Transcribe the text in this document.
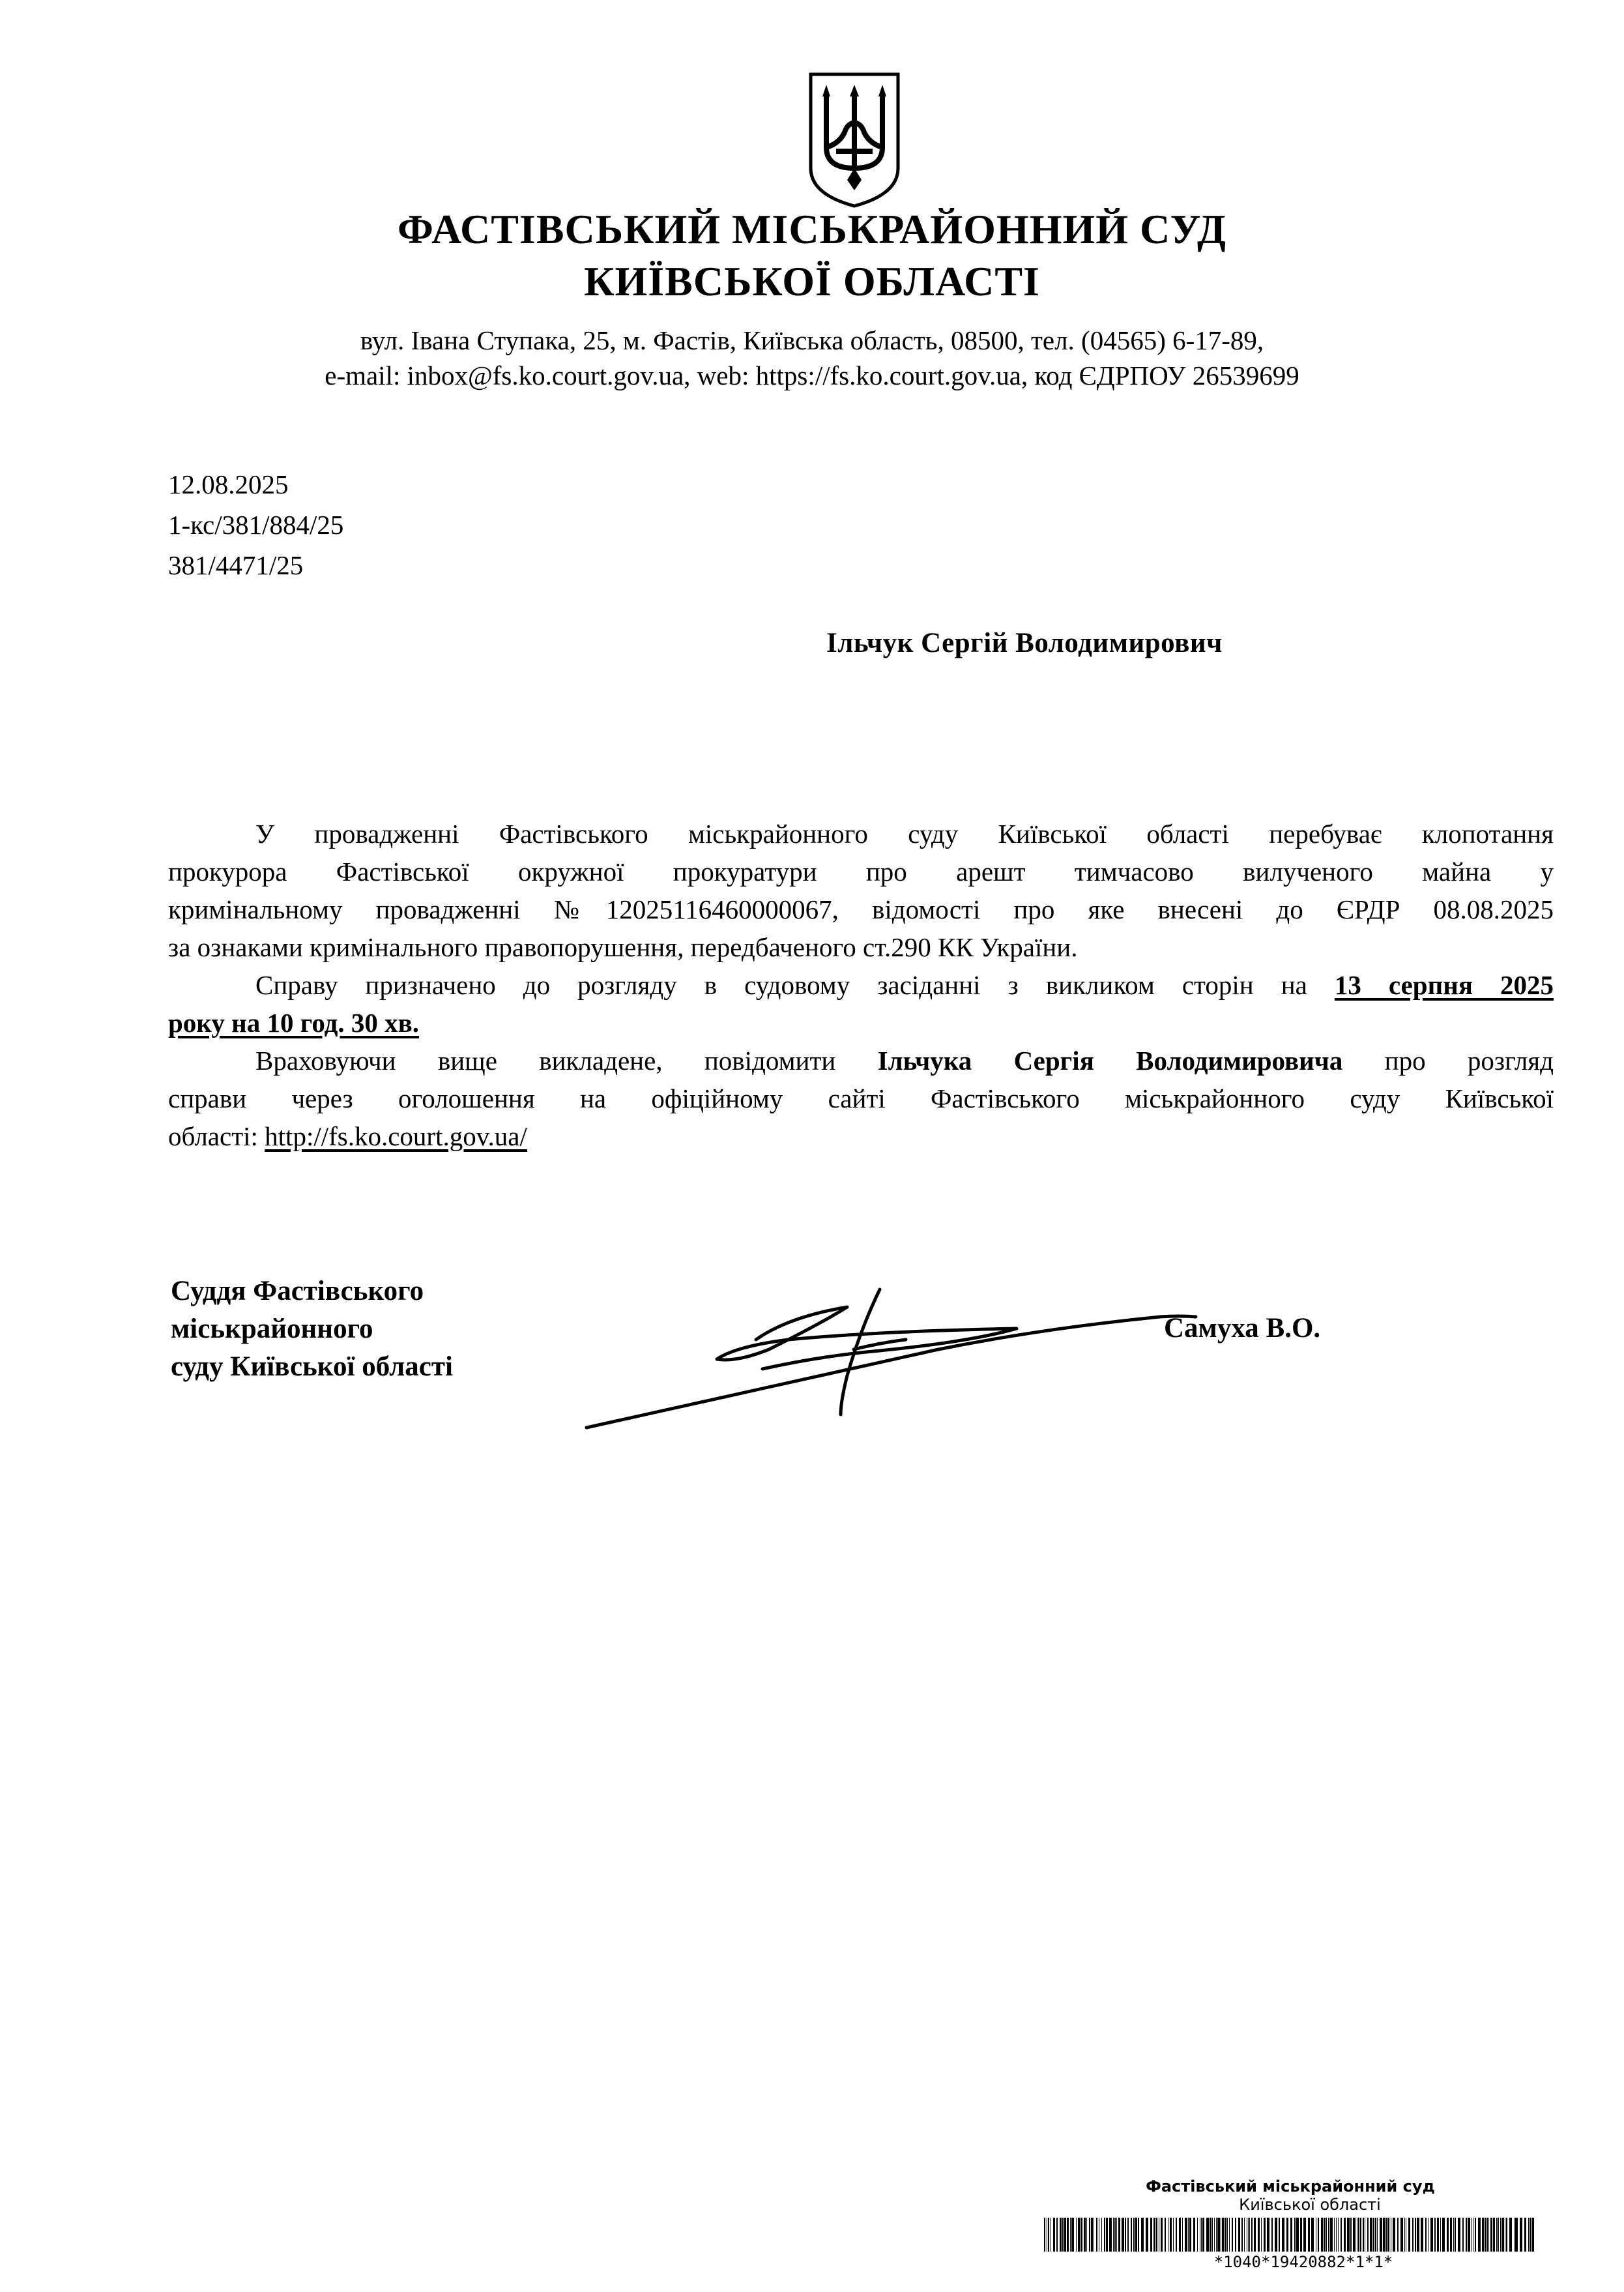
ФАСТІВСЬКИЙ МІСЬКРАЙОННИЙ СУД
КИЇВСЬКОЇ ОБЛАСТІ
вул. Івана Ступака, 25, м. Фастів, Київська область, 08500, тел. (04565) 6-17-89,
e-mail: inbox@fs.ko.court.gov.ua, web: https://fs.ko.court.gov.ua, код ЄДРПОУ 26539699
12.08.2025
1-кс/381/884/25
381/4471/25
Ільчук Сергій Володимирович
У провадженні Фастівського міськрайонного суду Київської області перебуває клопотання
прокурора Фастівської окружної прокуратури про арешт тимчасово вилученого майна у
кримінальному провадженні №12025116460000067, відомості про яке внесені до ЄРДР 08.08.2025
за ознаками кримінального правопорушення, передбаченого ст.290 КК України.
Справу призначено до розгляду в судовому засіданні з викликом сторін на 13 серпня 2025
року на 10 год. 30 хв.
Враховуючи вище викладене, повідомити Ільчука Сергія Володимировича про розгляд
справи через оголошення на офіційному сайті Фастівського міськрайонного суду Київської
області: http://fs.ko.court.gov.ua/
Суддя Фастівського
міськрайонного
суду Київської області
Самуха В.О.
Фастівський міськрайонний суд
Київської області
*1040*19420882*1*1*
